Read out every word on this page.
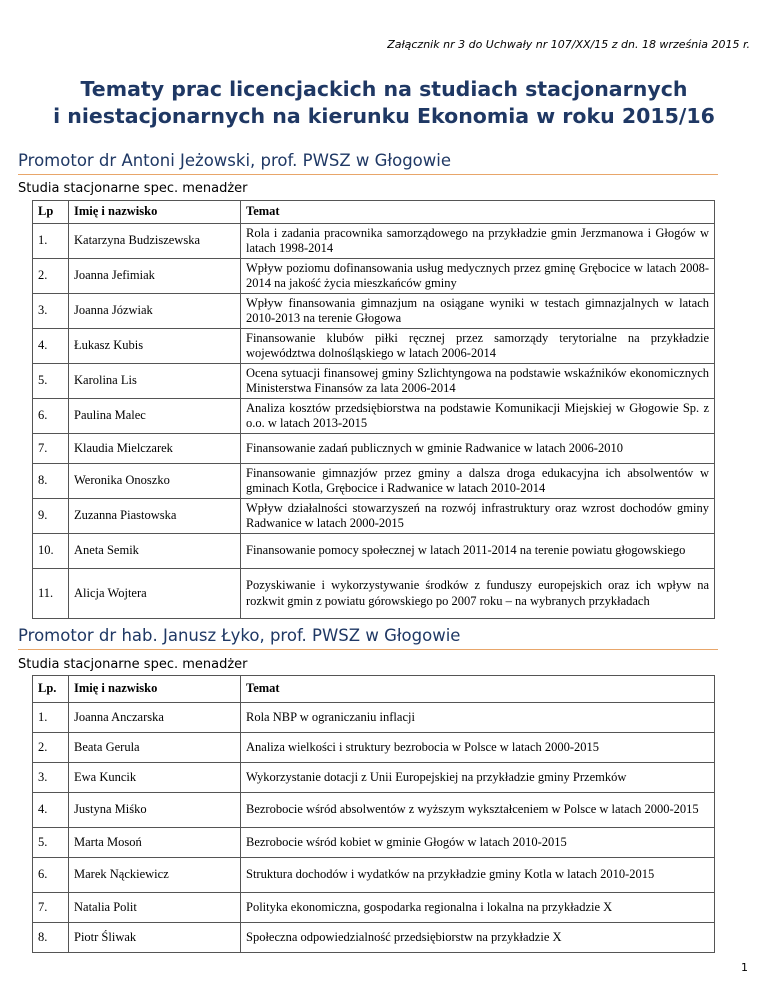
Załącznik nr 3 do Uchwały nr 107/XX/15 z dn. 18 września 2015 r.
Tematy prac licencjackich na studiach stacjonarnych
i niestacjonarnych na kierunku Ekonomia w roku 2015/16
Promotor dr Antoni Jeżowski, prof. PWSZ w Głogowie
Studia stacjonarne spec. menadżer
Lp	Imię i nazwisko	Temat
1.	Katarzyna Budziszewska	Rola i zadania pracownika samorządowego na przykładzie gmin Jerzmanowa i Głogów w latach 1998-2014
2.	Joanna Jefimiak	Wpływ poziomu dofinansowania usług medycznych przez gminę Grębocice w latach 2008-2014 na jakość życia mieszkańców gminy
3.	Joanna Józwiak	Wpływ finansowania gimnazjum na osiągane wyniki w testach gimnazjalnych w latach 2010-2013 na terenie Głogowa
4.	Łukasz Kubis	Finansowanie klubów piłki ręcznej przez samorządy terytorialne na przykładzie województwa dolnośląskiego w latach 2006-2014
5.	Karolina Lis	Ocena sytuacji finansowej gminy Szlichtyngowa na podstawie wskaźników ekonomicznych Ministerstwa Finansów za lata 2006-2014
6.	Paulina Malec	Analiza kosztów przedsiębiorstwa na podstawie Komunikacji Miejskiej w Głogowie Sp. z o.o. w latach 2013-2015
7.	Klaudia Mielczarek	Finansowanie zadań publicznych w gminie Radwanice w latach 2006-2010
8.	Weronika Onoszko	Finansowanie gimnazjów przez gminy a dalsza droga edukacyjna ich absolwentów w gminach Kotla, Grębocice i Radwanice w latach 2010-2014
9.	Zuzanna Piastowska	Wpływ działalności stowarzyszeń na rozwój infrastruktury oraz wzrost dochodów gminy Radwanice w latach 2000-2015
10.	Aneta Semik	Finansowanie pomocy społecznej w latach 2011-2014 na terenie powiatu głogowskiego
11.	Alicja Wojtera	Pozyskiwanie i wykorzystywanie środków z funduszy europejskich oraz ich wpływ na rozkwit gmin z powiatu górowskiego po 2007 roku – na wybranych przykładach
Promotor dr hab. Janusz Łyko, prof. PWSZ w Głogowie
Studia stacjonarne spec. menadżer
Lp.	Imię i nazwisko	Temat
1.	Joanna Anczarska	Rola NBP w ograniczaniu inflacji
2.	Beata Gerula	Analiza wielkości i struktury bezrobocia w Polsce w latach 2000-2015
3.	Ewa Kuncik	Wykorzystanie dotacji z Unii Europejskiej na przykładzie gminy Przemków
4.	Justyna Miśko	Bezrobocie wśród absolwentów z wyższym wykształceniem w Polsce w latach 2000-2015
5.	Marta Mosoń	Bezrobocie wśród kobiet w gminie Głogów w latach 2010-2015
6.	Marek Nąckiewicz	Struktura dochodów i wydatków na przykładzie gminy Kotla w latach 2010-2015
7.	Natalia Polit	Polityka ekonomiczna, gospodarka regionalna i lokalna na przykładzie X
8.	Piotr Śliwak	Społeczna odpowiedzialność przedsiębiorstw na przykładzie X
1
